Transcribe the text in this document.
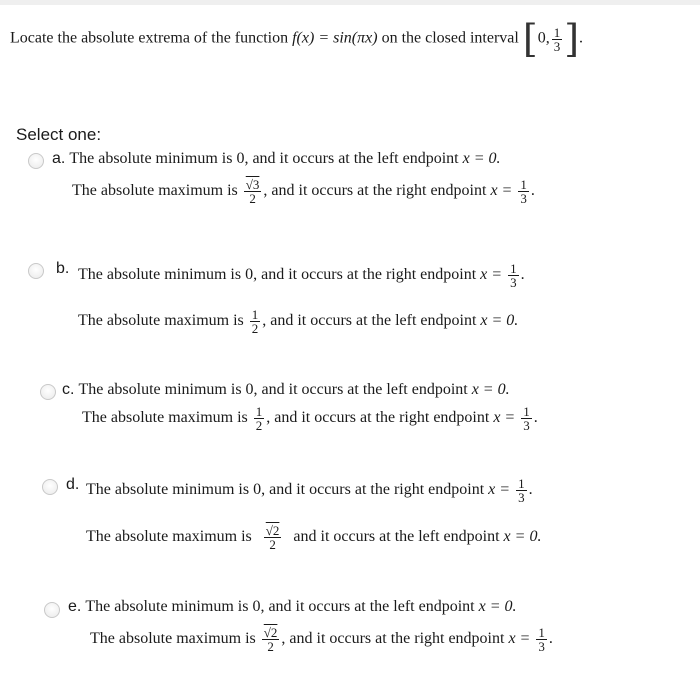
Locate the absolute extrema of the function f(x) = sin(πx) on the closed interval [0, $\frac{1}{3}$ ].
Select one:
a. The absolute minimum is 0, and it occurs at the left endpoint x = 0.
The absolute maximum is $\frac{√3}{2}$ , and it occurs at the right endpoint $x = \frac{1}{3}$ .
b. The absolute minimum is 0, and it occurs at the right endpoint $x = \frac{1}{3}$ .
The absolute maximum is $\frac{1}{2}$ , and it occurs at the left endpoint x = 0.
c. The absolute minimum is 0, and it occurs at the left endpoint x = 0.
The absolute maximum is $\frac{1}{2}$ , and it occurs at the right endpoint $x = \frac{1}{3}$ .
d. The absolute minimum is 0, and it occurs at the right endpoint $x = \frac{1}{3}$ .
The absolute maximum is $\frac{√2}{2}$ and it occurs at the left endpoint x = 0.
e. The absolute minimum is 0, and it occurs at the left endpoint x = 0.
The absolute maximum is $\frac{√2}{2}$ , and it occurs at the right endpoint $x = \frac{1}{3}$ .
